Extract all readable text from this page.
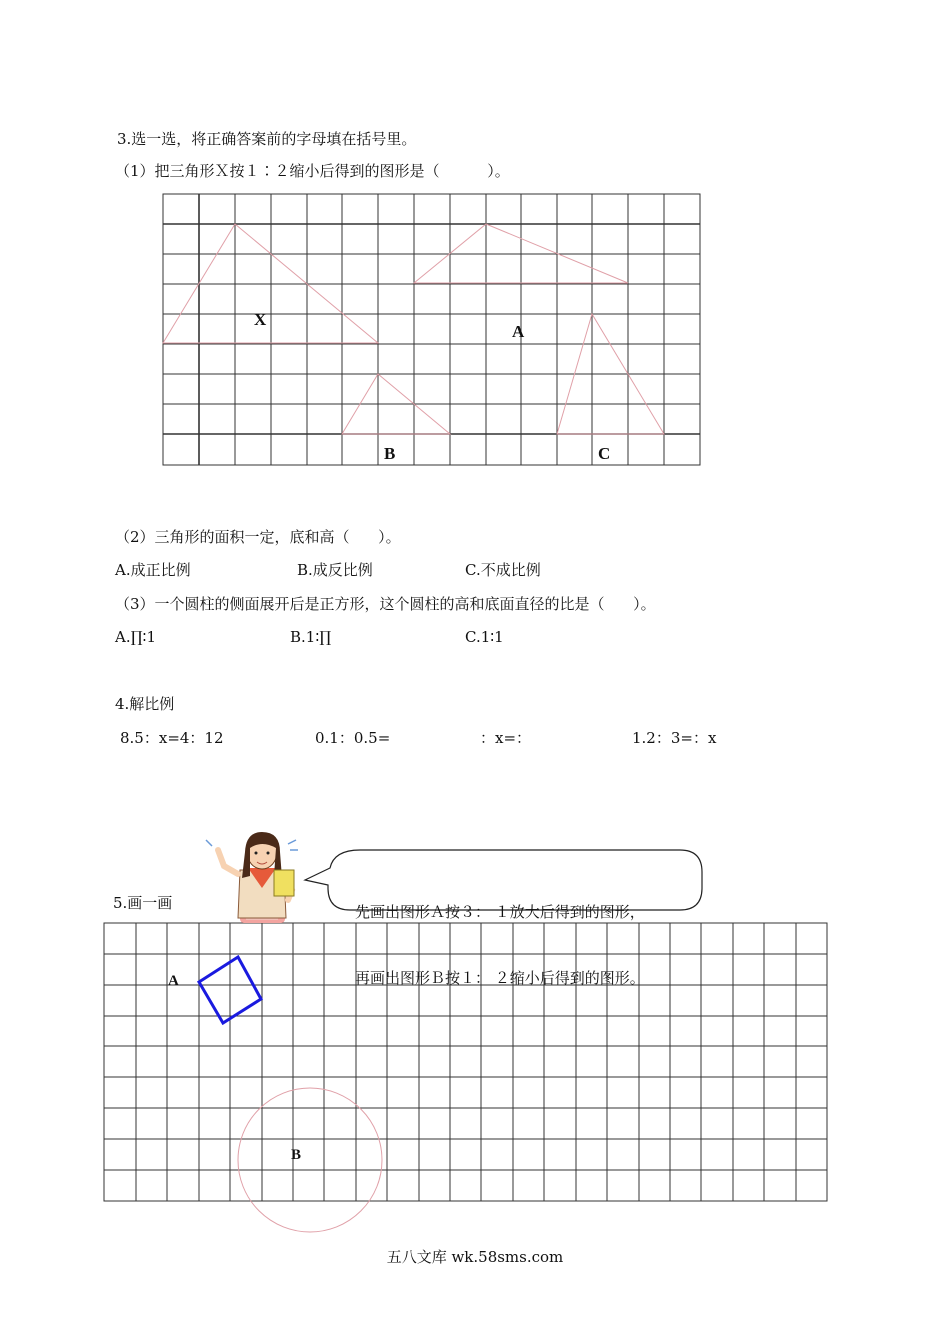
3.选一选，将正确答案前的字母填在括号里。
（1）把三角形Ｘ按１∶２缩小后得到的图形是（          ）。
X
A
B	C
（2）三角形的面积一定，底和高（      ）。
A.成正比例	B.成反比例	C.不成比例
（3）一个圆柱的侧面展开后是正方形，这个圆柱的高和底面直径的比是（      ）。
A.∏∶1	B.1∶∏	C.1∶1
4.解比例
8.5：x=4：12	0.1：0.5=	：x=：	1.2：3=：x
5.画一画

	先画出图形Ａ按３： １放大后得到的图形，

再画出图形Ｂ按１： ２缩小后得到的图形。

A
B
五八文库 wk.58sms.com
